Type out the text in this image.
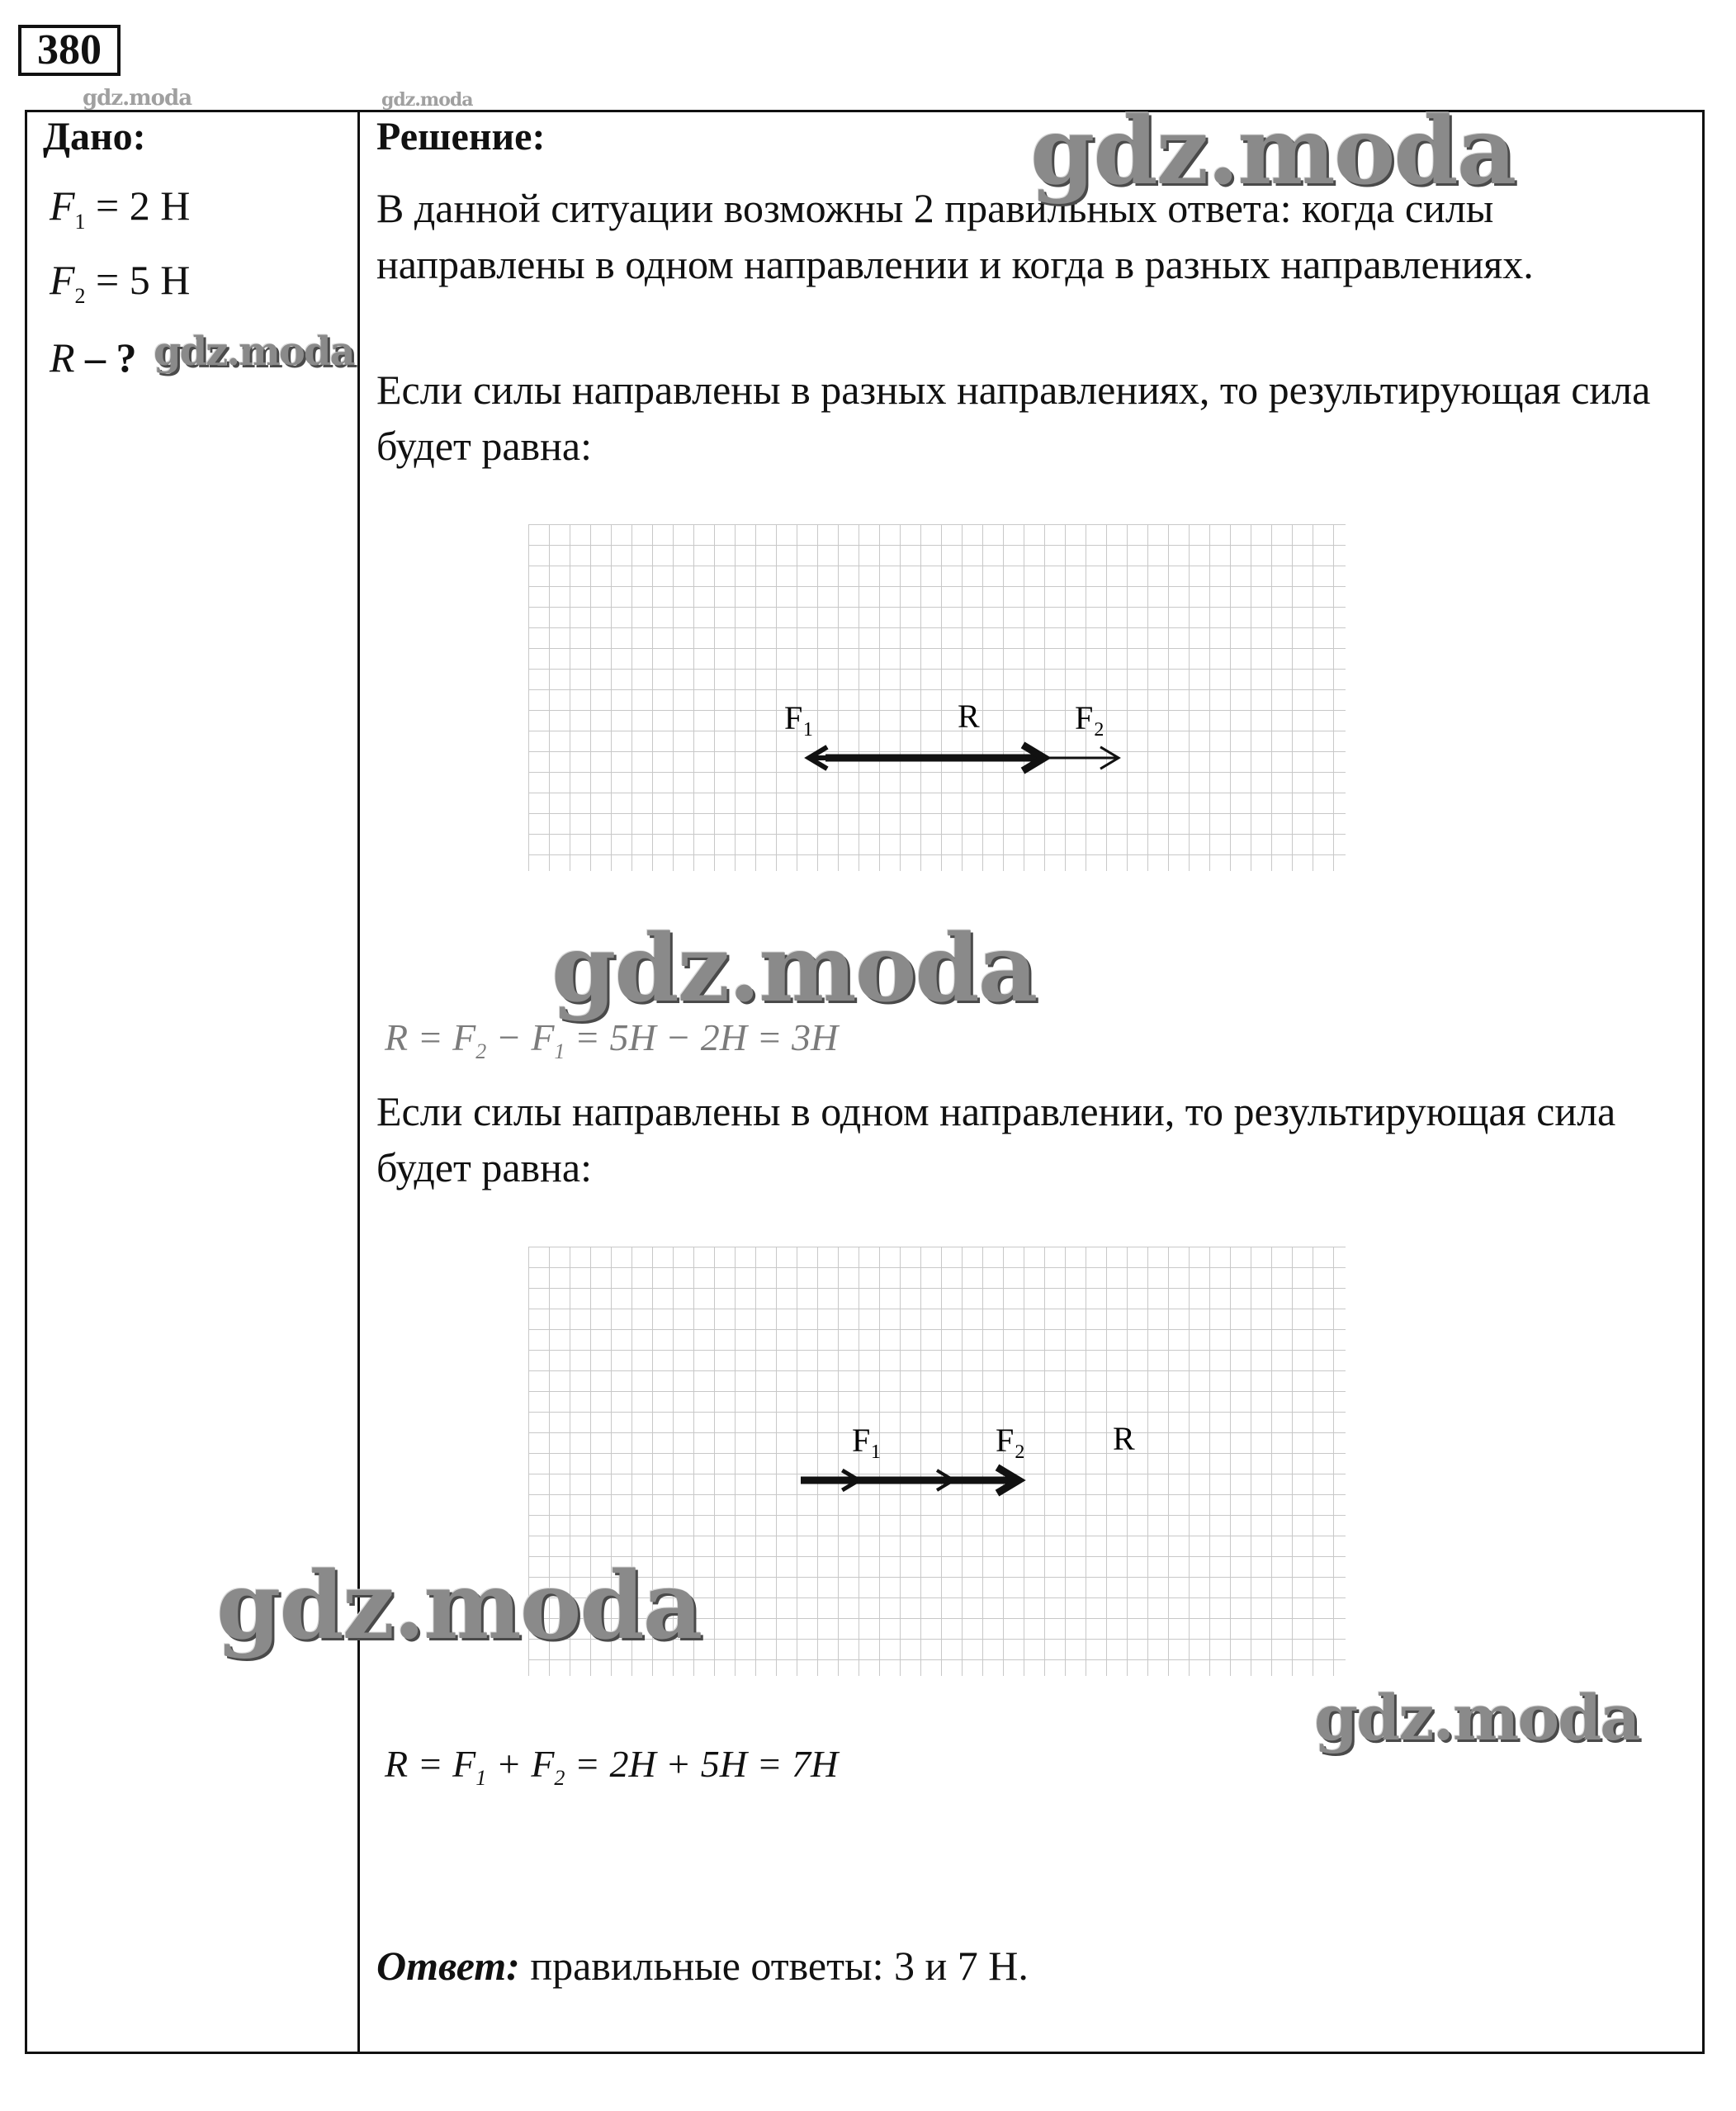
380
gdz.moda	gdz.moda
Дано:
$F_1 = 2$ Н
$F_2 = 5$ Н
R – ? gdz.moda
Решение:
В данной ситуации возможны 2 правильных ответа: когда силы направлены в одном направлении и когда в разных направлениях.
Если силы направлены в разных направлениях, то результирующая сила будет равна:
F₁	R	F₂
gdz.moda
gdz.moda
$R = F_2 - F_1 = 5H - 2H = 3H$
Если силы направлены в одном направлении, то результирующая сила будет равна:
F₁	F₂	R
gdz.moda
gdz.moda
$R = F_1 + F_2 = 2H + 5H = 7H$
Ответ: правильные ответы: 3 и 7 Н.
